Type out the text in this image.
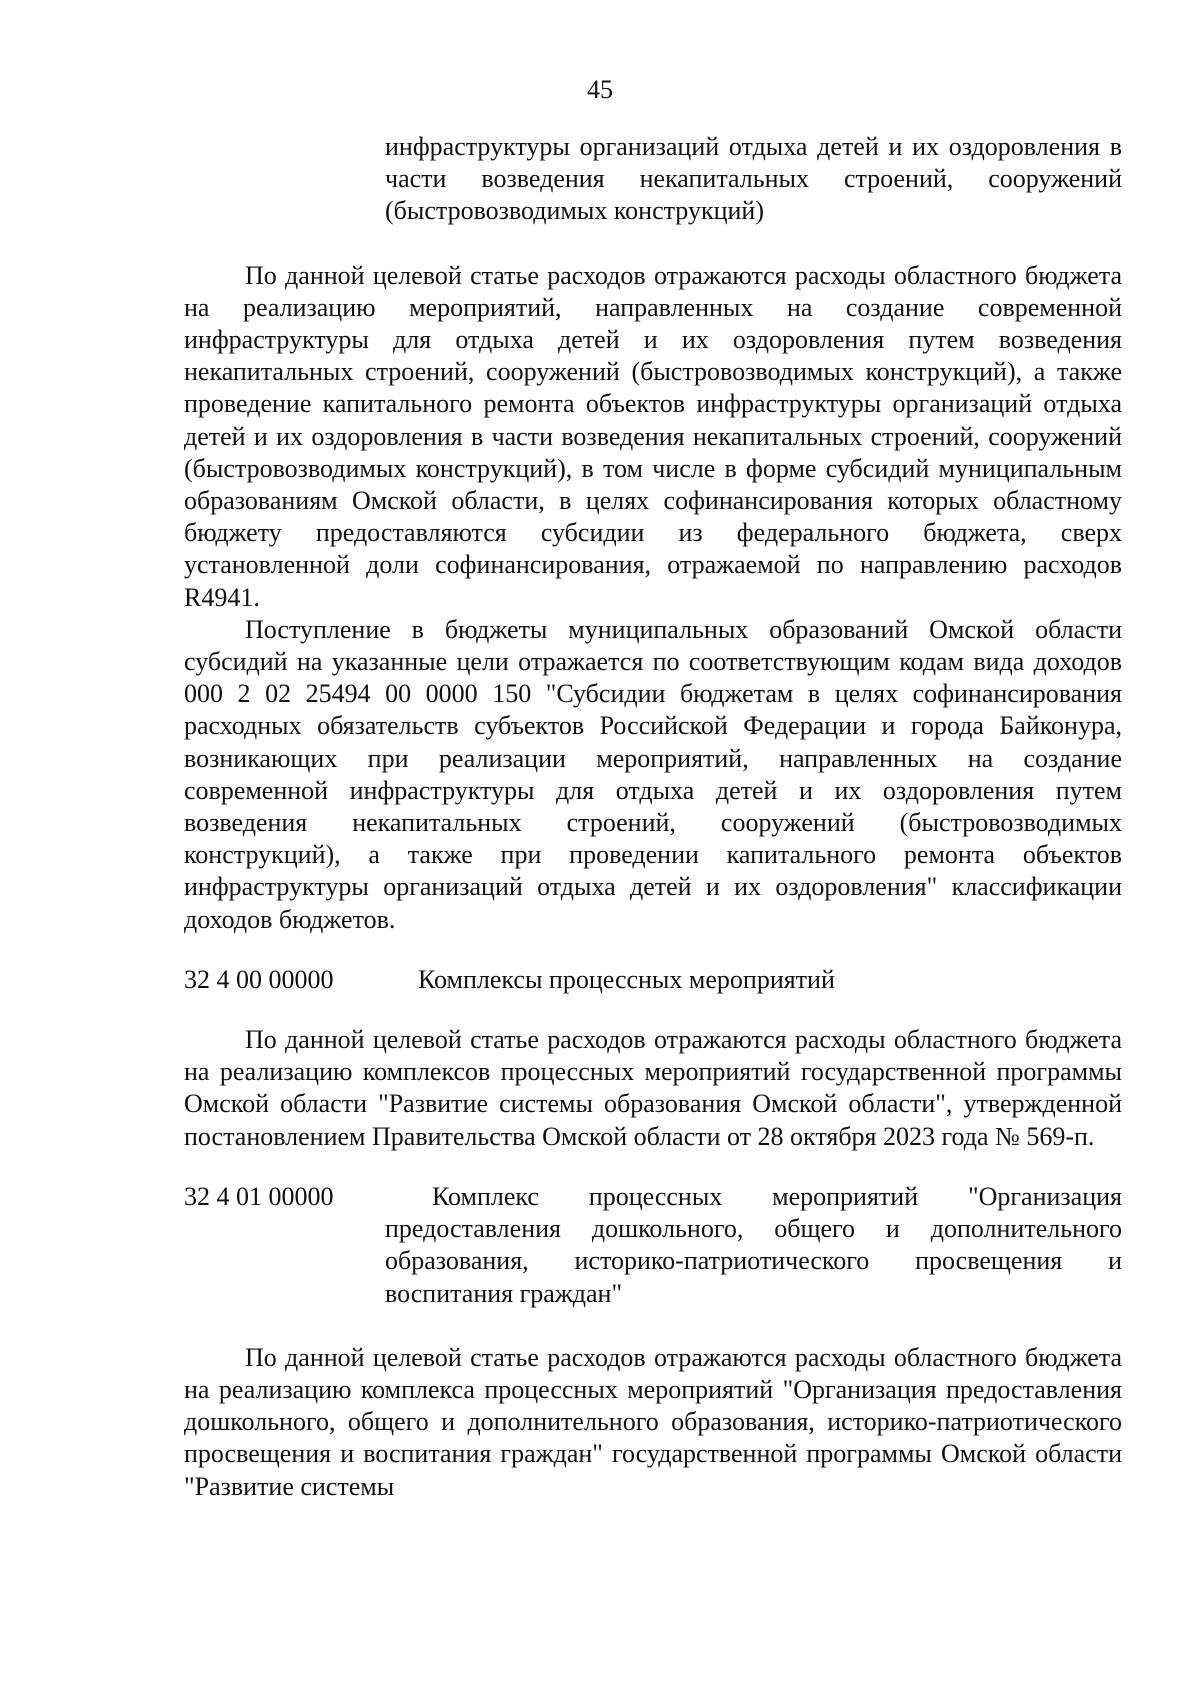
45
инфраструктуры организаций отдыха детей и их оздоровления в части возведения некапитальных строений, сооружений (быстровозводимых конструкций)

По данной целевой статье расходов отражаются расходы областного бюджета на реализацию мероприятий, направленных на создание современной инфраструктуры для отдыха детей и их оздоровления путем возведения некапитальных строений, сооружений (быстровозводимых конструкций), а также проведение капитального ремонта объектов инфраструктуры организаций отдыха детей и их оздоровления в части возведения некапитальных строений, сооружений (быстровозводимых конструкций), в том числе в форме субсидий муниципальным образованиям Омской области, в целях софинансирования которых областному бюджету предоставляются субсидии из федерального бюджета, сверх установленной доли софинансирования, отражаемой по направлению расходов R4941.

Поступление в бюджеты муниципальных образований Омской области субсидий на указанные цели отражается по соответствующим кодам вида доходов 000 2 02 25494 00 0000 150 "Субсидии бюджетам в целях софинансирования расходных обязательств субъектов Российской Федерации и города Байконура, возникающих при реализации мероприятий, направленных на создание современной инфраструктуры для отдыха детей и их оздоровления путем возведения некапитальных строений, сооружений (быстровозводимых конструкций), а также при проведении капитального ремонта объектов инфраструктуры организаций отдыха детей и их оздоровления" классификации доходов бюджетов.

32 4 00 00000	Комплексы процессных мероприятий

По данной целевой статье расходов отражаются расходы областного бюджета на реализацию комплексов процессных мероприятий государственной программы Омской области "Развитие системы образования Омской области", утвержденной постановлением Правительства Омской области от 28 октября 2023 года № 569-п.

32 4 01 00000	Комплекс процессных мероприятий "Организация предоставления дошкольного, общего и дополнительного образования, историко-патриотического просвещения и воспитания граждан"

По данной целевой статье расходов отражаются расходы областного бюджета на реализацию комплекса процессных мероприятий "Организация предоставления дошкольного, общего и дополнительного образования, историко-патриотического просвещения и воспитания граждан" государственной программы Омской области "Развитие системы
